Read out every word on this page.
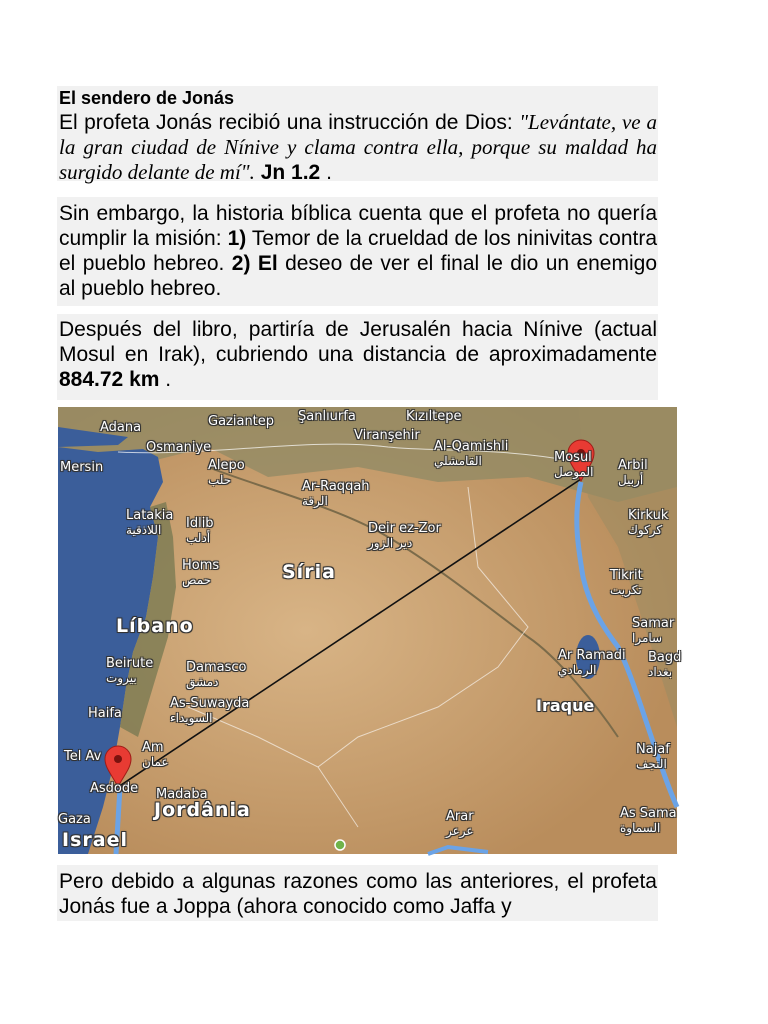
El sendero de Jonás
El profeta Jonás recibió una instrucción de Dios: "Levántate, ve a la gran ciudad de Nínive y clama contra ella, porque su maldad ha surgido delante de mí". Jn 1.2 .
Sin embargo, la historia bíblica cuenta que el profeta no quería cumplir la misión: 1) Temor de la crueldad de los ninivitas contra el pueblo hebreo. 2) El deseo de ver el final le dio un enemigo al pueblo hebreo.
Después del libro, partiría de Jerusalén hacia Nínive (actual Mosul en Irak), cubriendo una distancia de aproximadamente 884.72 km .
Adana	Gaziantep Şanlıurfa	Kızıltepe
Osmaniye
Viranşehir
Mersin	Alepo
حلب
Al-Qamishli
القامشلي	Mosul
الموصل Arbil
أربيل
Ar-Raqqah
الرقة
Latakia
اللاذقية	Idlib
أدلب
Deir ez-Zor
دير الزور
Kirkuk
كركوك
Homs
حمص	Síria	Tikrit
تكريت
Líbano	Samar
سامرا
Beirute
بيروت
Damasco
دمشق
Ar Ramadi
الرمادي
Bagd
بغداد
As-Suwayda
السويداء
Iraque
Haifa
Tel Av
Am
عمان
Najaf
النجف
Asdode Madaba
Jordânia
Gaza
Israel
Arar
عرعر
As Sama
السماوة
Pero debido a algunas razones como las anteriores, el profeta Jonás fue a Joppa (ahora conocido como Jaffa y
